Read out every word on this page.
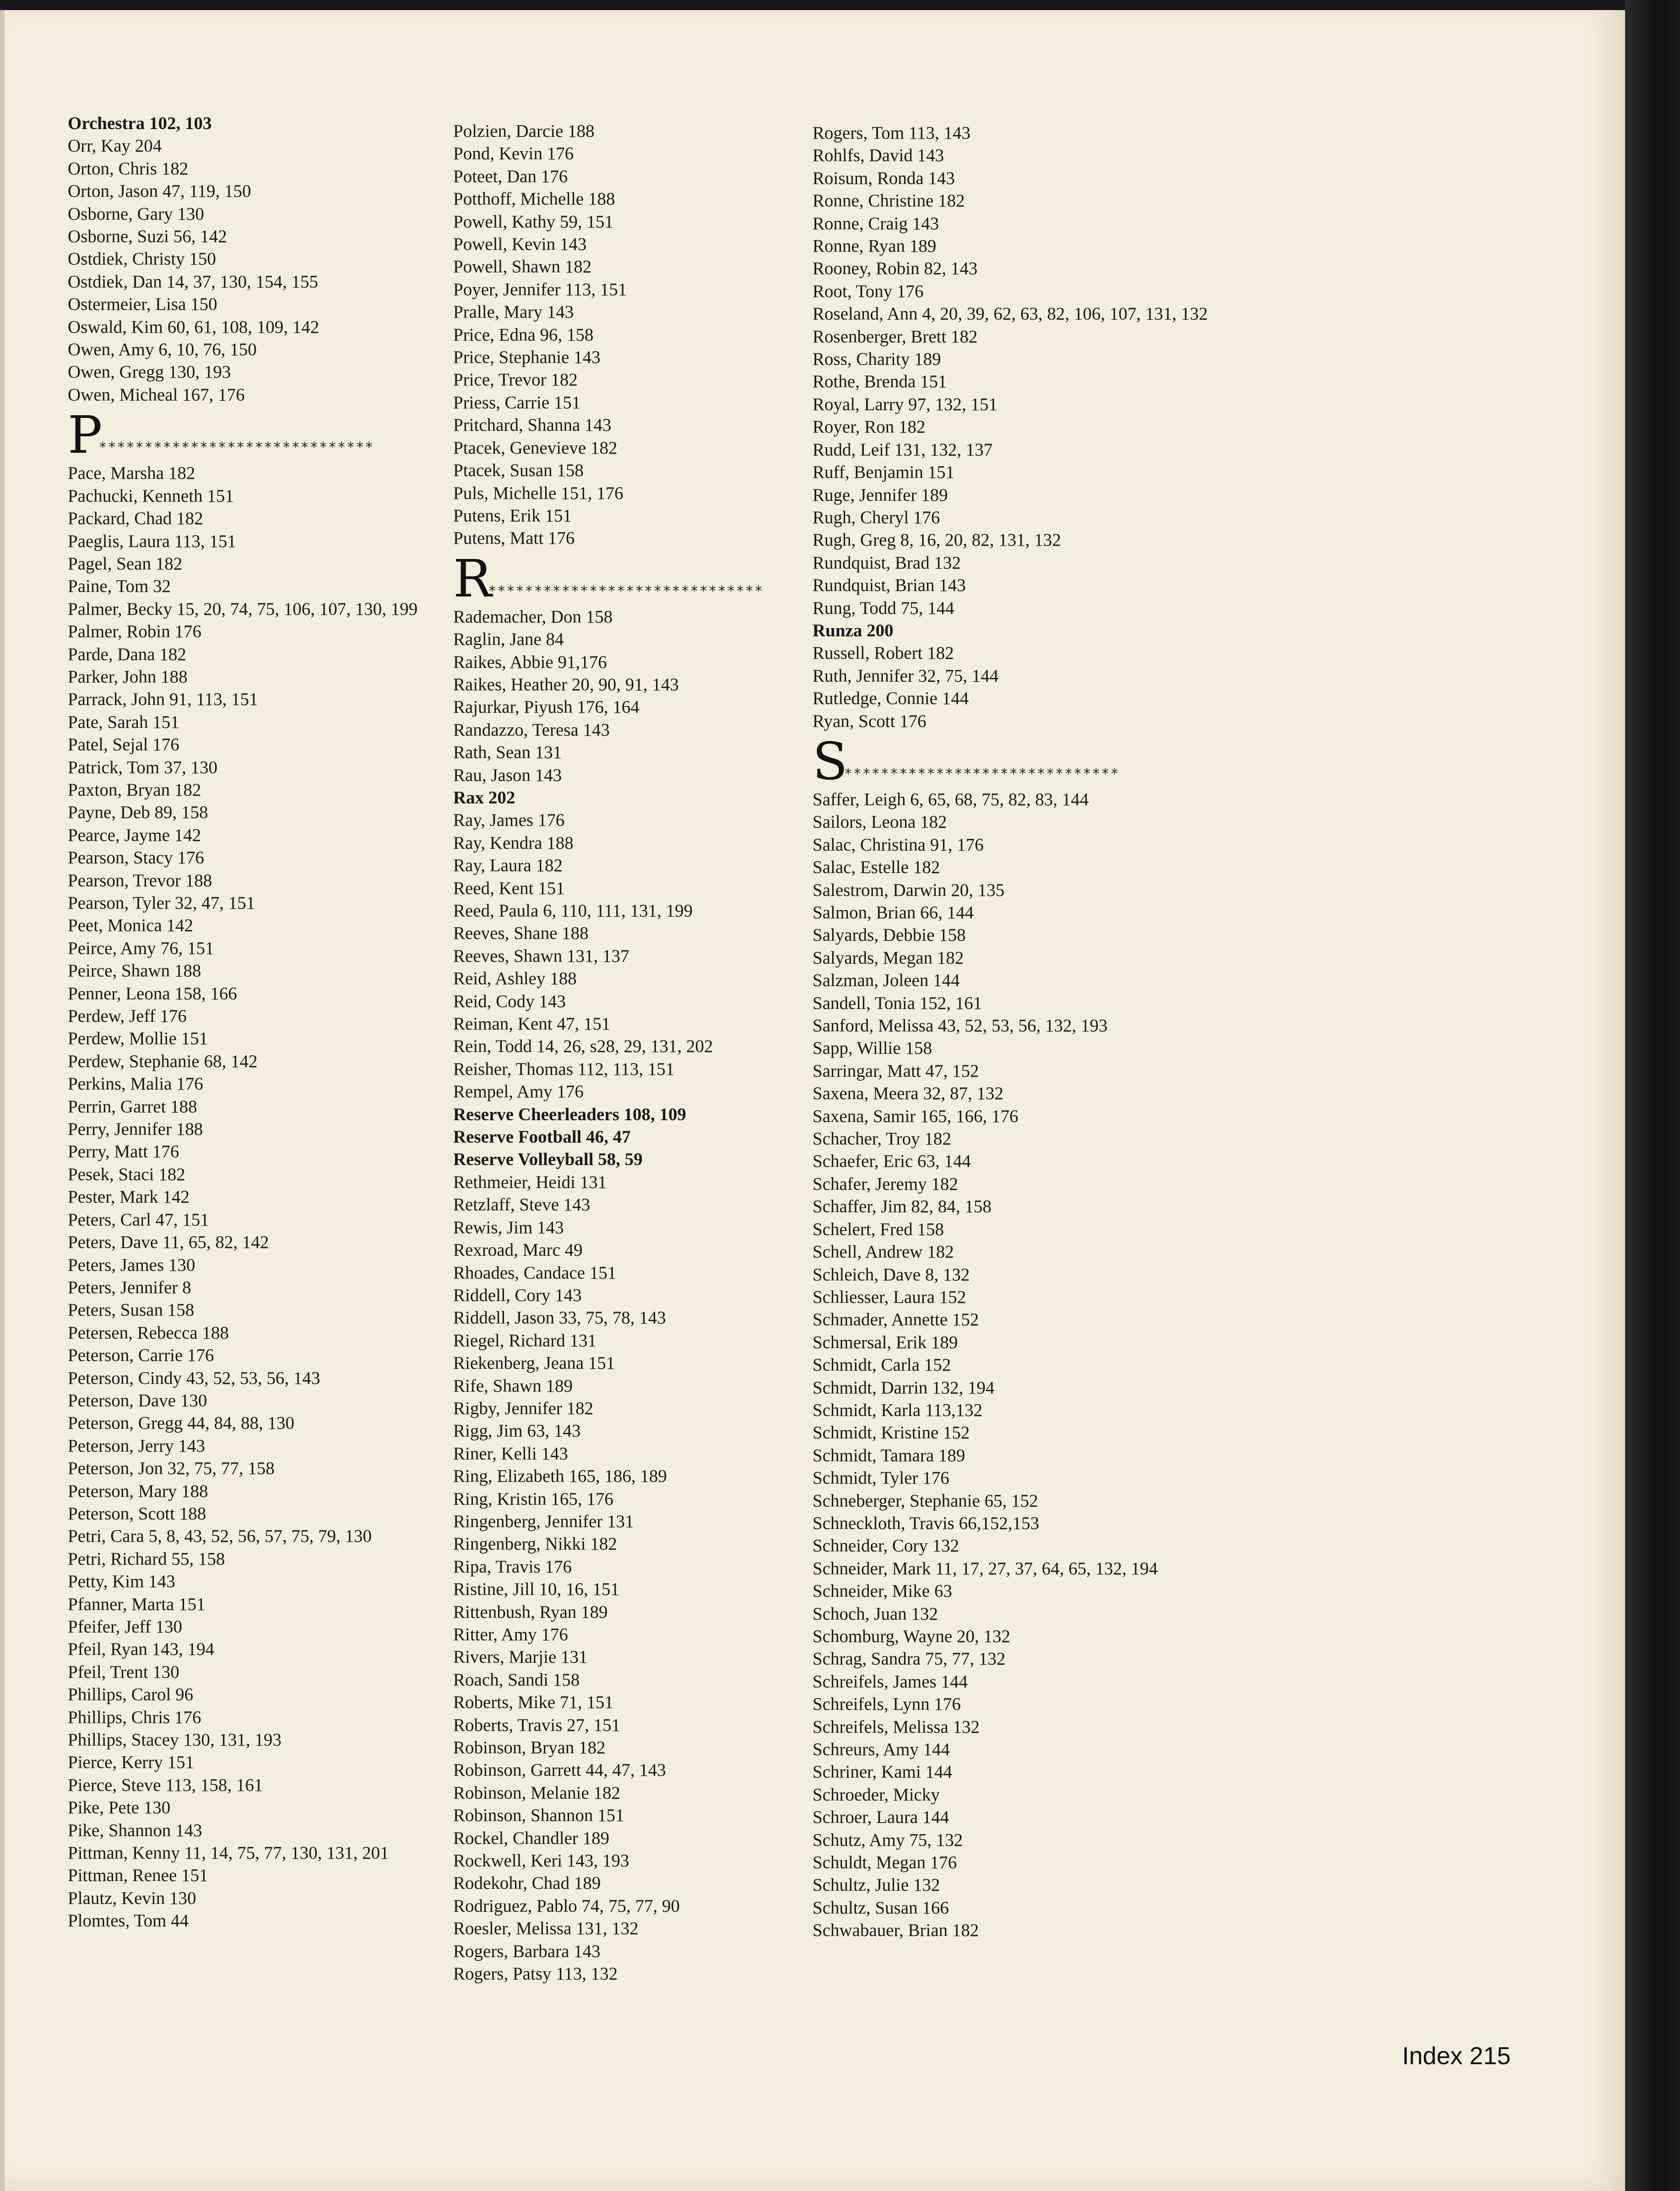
Orchestra 102, 103
Orr, Kay 204
Orton, Chris 182
Orton, Jason 47, 119, 150
Osborne, Gary 130
Osborne, Suzi 56, 142
Ostdiek, Christy 150
Ostdiek, Dan 14, 37, 130, 154, 155
Ostermeier, Lisa 150
Oswald, Kim 60, 61, 108, 109, 142
Owen, Amy 6, 10, 76, 150
Owen, Gregg 130, 193
Owen, Micheal 167, 176
P
******************************
Pace, Marsha 182
Pachucki, Kenneth 151
Packard, Chad 182
Paeglis, Laura 113, 151
Pagel, Sean 182
Paine, Tom 32
Palmer, Becky 15, 20, 74, 75, 106, 107, 130, 199
Palmer, Robin 176
Parde, Dana 182
Parker, John 188
Parrack, John 91, 113, 151
Pate, Sarah 151
Patel, Sejal 176
Patrick, Tom 37, 130
Paxton, Bryan 182
Payne, Deb 89, 158
Pearce, Jayme 142
Pearson, Stacy 176
Pearson, Trevor 188
Pearson, Tyler 32, 47, 151
Peet, Monica 142
Peirce, Amy 76, 151
Peirce, Shawn 188
Penner, Leona 158, 166
Perdew, Jeff 176
Perdew, Mollie 151
Perdew, Stephanie 68, 142
Perkins, Malia 176
Perrin, Garret 188
Perry, Jennifer 188
Perry, Matt 176
Pesek, Staci 182
Pester, Mark 142
Peters, Carl 47, 151
Peters, Dave 11, 65, 82, 142
Peters, James 130
Peters, Jennifer 8
Peters, Susan 158
Petersen, Rebecca 188
Peterson, Carrie 176
Peterson, Cindy 43, 52, 53, 56, 143
Peterson, Dave 130
Peterson, Gregg 44, 84, 88, 130
Peterson, Jerry 143
Peterson, Jon 32, 75, 77, 158
Peterson, Mary 188
Peterson, Scott 188
Petri, Cara 5, 8, 43, 52, 56, 57, 75, 79, 130
Petri, Richard 55, 158
Petty, Kim 143
Pfanner, Marta 151
Pfeifer, Jeff 130
Pfeil, Ryan 143, 194
Pfeil, Trent 130
Phillips, Carol 96
Phillips, Chris 176
Phillips, Stacey 130, 131, 193
Pierce, Kerry 151
Pierce, Steve 113, 158, 161
Pike, Pete 130
Pike, Shannon 143
Pittman, Kenny 11, 14, 75, 77, 130, 131, 201
Pittman, Renee 151
Plautz, Kevin 130
Plomtes, Tom 44
Polzien, Darcie 188
Pond, Kevin 176
Poteet, Dan 176
Potthoff, Michelle 188
Powell, Kathy 59, 151
Powell, Kevin 143
Powell, Shawn 182
Poyer, Jennifer 113, 151
Pralle, Mary 143
Price, Edna 96, 158
Price, Stephanie 143
Price, Trevor 182
Priess, Carrie 151
Pritchard, Shanna 143
Ptacek, Genevieve 182
Ptacek, Susan 158
Puls, Michelle 151, 176
Putens, Erik 151
Putens, Matt 176
R
******************************
Rademacher, Don 158
Raglin, Jane 84
Raikes, Abbie 91,176
Raikes, Heather 20, 90, 91, 143
Rajurkar, Piyush 176, 164
Randazzo, Teresa 143
Rath, Sean 131
Rau, Jason 143
Rax 202
Ray, James 176
Ray, Kendra 188
Ray, Laura 182
Reed, Kent 151
Reed, Paula 6, 110, 111, 131, 199
Reeves, Shane 188
Reeves, Shawn 131, 137
Reid, Ashley 188
Reid, Cody 143
Reiman, Kent 47, 151
Rein, Todd 14, 26, s28, 29, 131, 202
Reisher, Thomas 112, 113, 151
Rempel, Amy 176
Reserve Cheerleaders 108, 109
Reserve Football 46, 47
Reserve Volleyball 58, 59
Rethmeier, Heidi 131
Retzlaff, Steve 143
Rewis, Jim 143
Rexroad, Marc 49
Rhoades, Candace 151
Riddell, Cory 143
Riddell, Jason 33, 75, 78, 143
Riegel, Richard 131
Riekenberg, Jeana 151
Rife, Shawn 189
Rigby, Jennifer 182
Rigg, Jim 63, 143
Riner, Kelli 143
Ring, Elizabeth 165, 186, 189
Ring, Kristin 165, 176
Ringenberg, Jennifer 131
Ringenberg, Nikki 182
Ripa, Travis 176
Ristine, Jill 10, 16, 151
Rittenbush, Ryan 189
Ritter, Amy 176
Rivers, Marjie 131
Roach, Sandi 158
Roberts, Mike 71, 151
Roberts, Travis 27, 151
Robinson, Bryan 182
Robinson, Garrett 44, 47, 143
Robinson, Melanie 182
Robinson, Shannon 151
Rockel, Chandler 189
Rockwell, Keri 143, 193
Rodekohr, Chad 189
Rodriguez, Pablo 74, 75, 77, 90
Roesler, Melissa 131, 132
Rogers, Barbara 143
Rogers, Patsy 113, 132
Rogers, Tom 113, 143
Rohlfs, David 143
Roisum, Ronda 143
Ronne, Christine 182
Ronne, Craig 143
Ronne, Ryan 189
Rooney, Robin 82, 143
Root, Tony 176
Roseland, Ann 4, 20, 39, 62, 63, 82, 106, 107, 131, 132
Rosenberger, Brett 182
Ross, Charity 189
Rothe, Brenda 151
Royal, Larry 97, 132, 151
Royer, Ron 182
Rudd, Leif 131, 132, 137
Ruff, Benjamin 151
Ruge, Jennifer 189
Rugh, Cheryl 176
Rugh, Greg 8, 16, 20, 82, 131, 132
Rundquist, Brad 132
Rundquist, Brian 143
Rung, Todd 75, 144
Runza 200
Russell, Robert 182
Ruth, Jennifer 32, 75, 144
Rutledge, Connie 144
Ryan, Scott 176
S
******************************
Saffer, Leigh 6, 65, 68, 75, 82, 83, 144
Sailors, Leona 182
Salac, Christina 91, 176
Salac, Estelle 182
Salestrom, Darwin 20, 135
Salmon, Brian 66, 144
Salyards, Debbie 158
Salyards, Megan 182
Salzman, Joleen 144
Sandell, Tonia 152, 161
Sanford, Melissa 43, 52, 53, 56, 132, 193
Sapp, Willie 158
Sarringar, Matt 47, 152
Saxena, Meera 32, 87, 132
Saxena, Samir 165, 166, 176
Schacher, Troy 182
Schaefer, Eric 63, 144
Schafer, Jeremy 182
Schaffer, Jim 82, 84, 158
Schelert, Fred 158
Schell, Andrew 182
Schleich, Dave 8, 132
Schliesser, Laura 152
Schmader, Annette 152
Schmersal, Erik 189
Schmidt, Carla 152
Schmidt, Darrin 132, 194
Schmidt, Karla 113,132
Schmidt, Kristine 152
Schmidt, Tamara 189
Schmidt, Tyler 176
Schneberger, Stephanie 65, 152
Schneckloth, Travis 66,152,153
Schneider, Cory 132
Schneider, Mark 11, 17, 27, 37, 64, 65, 132, 194
Schneider, Mike 63
Schoch, Juan 132
Schomburg, Wayne 20, 132
Schrag, Sandra 75, 77, 132
Schreifels, James 144
Schreifels, Lynn 176
Schreifels, Melissa 132
Schreurs, Amy 144
Schriner, Kami 144
Schroeder, Micky
Schroer, Laura 144
Schutz, Amy 75, 132
Schuldt, Megan 176
Schultz, Julie 132
Schultz, Susan 166
Schwabauer, Brian 182
Index 215
